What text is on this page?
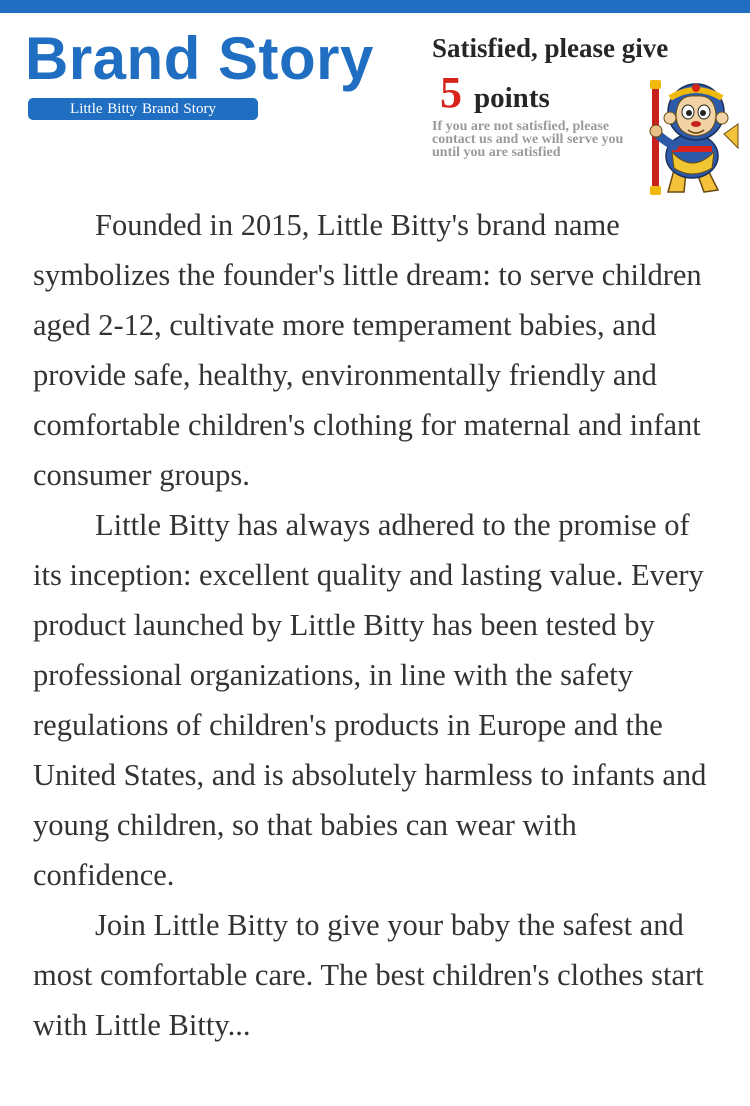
Brand Story
Little Bitty Brand Story
Satisfied, please give
5 points
If you are not satisfied, please contact us and we will serve you until you are satisfied

Founded in 2015, Little Bitty's brand name symbolizes the founder's little dream: to serve children aged 2-12, cultivate more temperament babies, and provide safe, healthy, environmentally friendly and comfortable children's clothing for maternal and infant consumer groups.

Little Bitty has always adhered to the promise of its inception: excellent quality and lasting value. Every product launched by Little Bitty has been tested by professional organizations, in line with the safety regulations of children's products in Europe and the United States, and is absolutely harmless to infants and young children, so that babies can wear with confidence.

Join Little Bitty to give your baby the safest and most comfortable care. The best children's clothes start with Little Bitty...
